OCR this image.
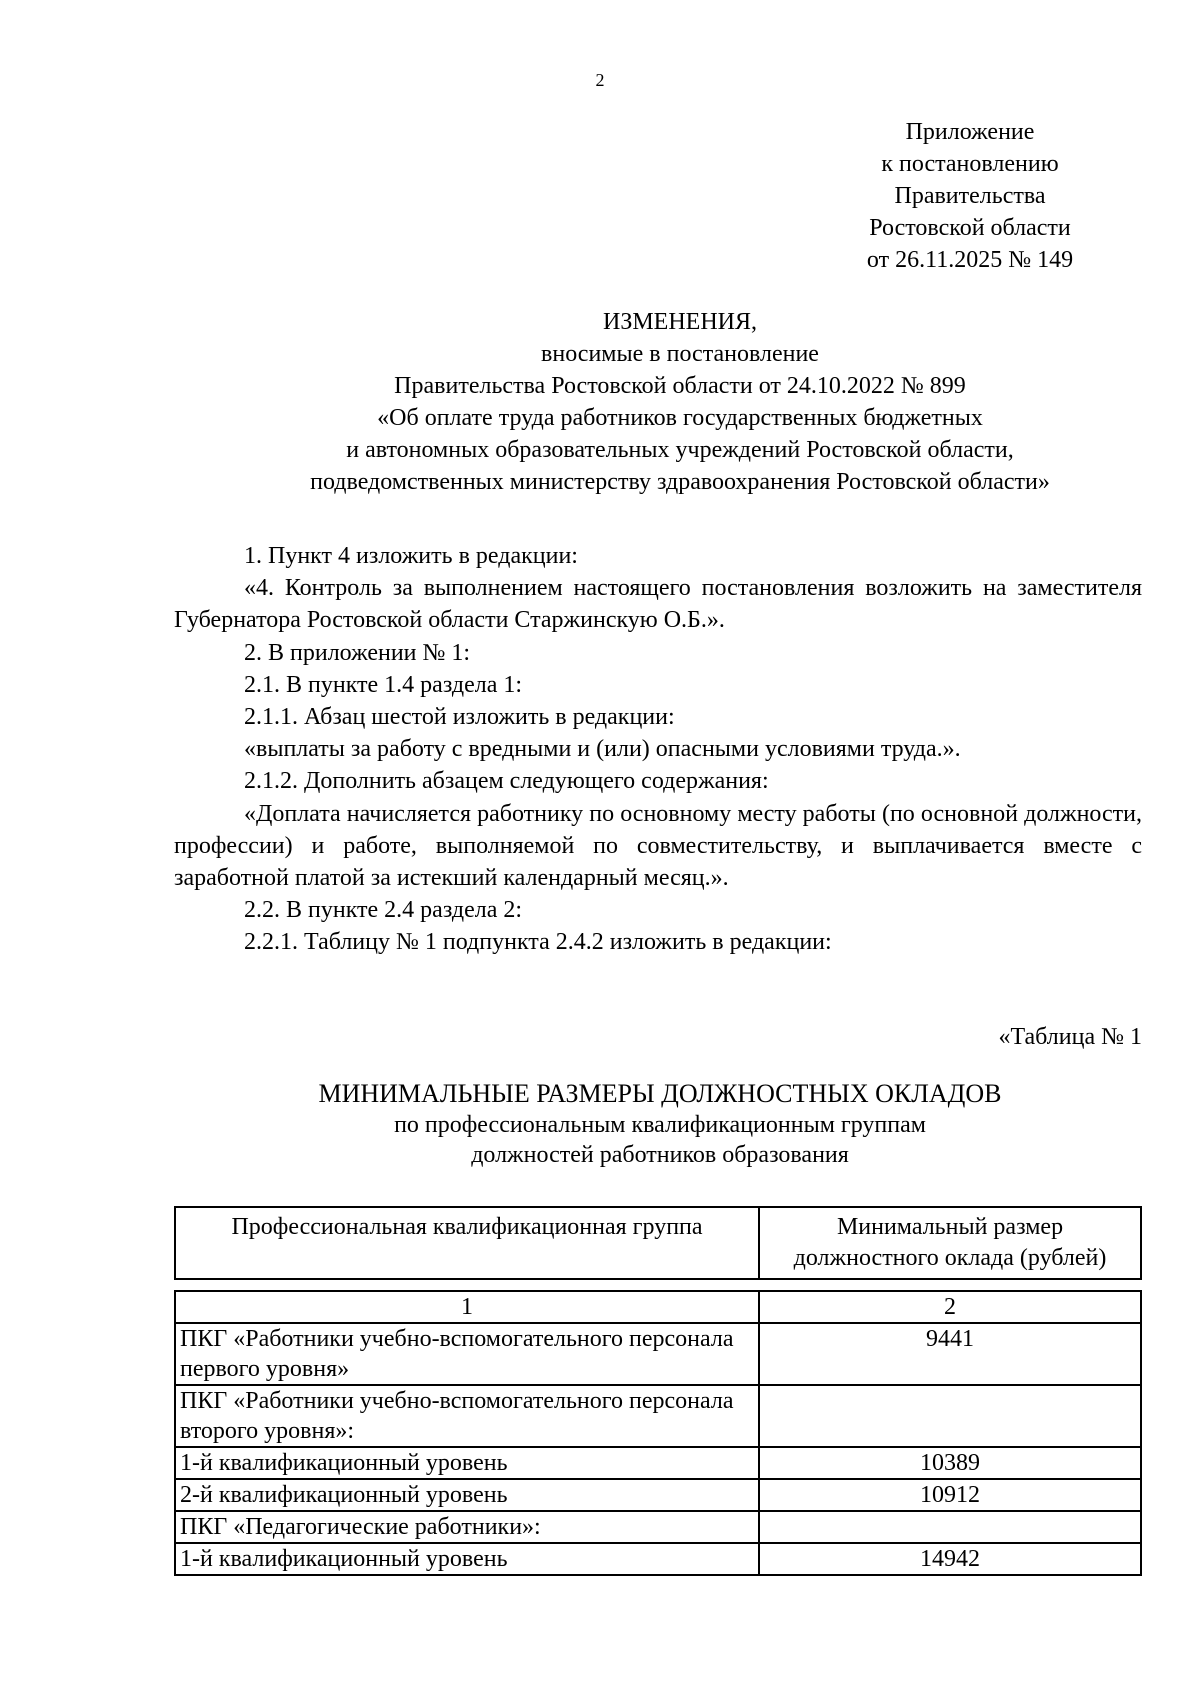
2
Приложение
к постановлению
Правительства
Ростовской области
от 26.11.2025 № 149
ИЗМЕНЕНИЯ,
вносимые в постановление
Правительства Ростовской области от 24.10.2022 № 899
«Об оплате труда работников государственных бюджетных
и автономных образовательных учреждений Ростовской области,
подведомственных министерству здравоохранения Ростовской области»

1. Пункт 4 изложить в редакции:

«4. Контроль за выполнением настоящего постановления возложить на заместителя Губернатора Ростовской области Старжинскую О.Б.».

2. В приложении № 1:

2.1. В пункте 1.4 раздела 1:

2.1.1. Абзац шестой изложить в редакции:

«выплаты за работу с вредными и (или) опасными условиями труда.».

2.1.2. Дополнить абзацем следующего содержания:

«Доплата начисляется работнику по основному месту работы (по основной должности, профессии) и работе, выполняемой по совместительству, и выплачивается вместе с заработной платой за истекший календарный месяц.».

2.2. В пункте 2.4 раздела 2:

2.2.1. Таблицу № 1 подпункта 2.4.2 изложить в редакции:

«Таблица № 1
МИНИМАЛЬНЫЕ РАЗМЕРЫ ДОЛЖНОСТНЫХ ОКЛАДОВ
по профессиональным квалификационным группам
должностей работников образования
Профессиональная квалификационная группа	Минимальный размер должностного оклада (рублей)
1	2
ПКГ «Работники учебно-вспомогательного персонала первого уровня»	9441
ПКГ «Работники учебно-вспомогательного персонала второго уровня»:	
1-й квалификационный уровень	10389
2-й квалификационный уровень	10912
ПКГ «Педагогические работники»:	
1-й квалификационный уровень	14942
